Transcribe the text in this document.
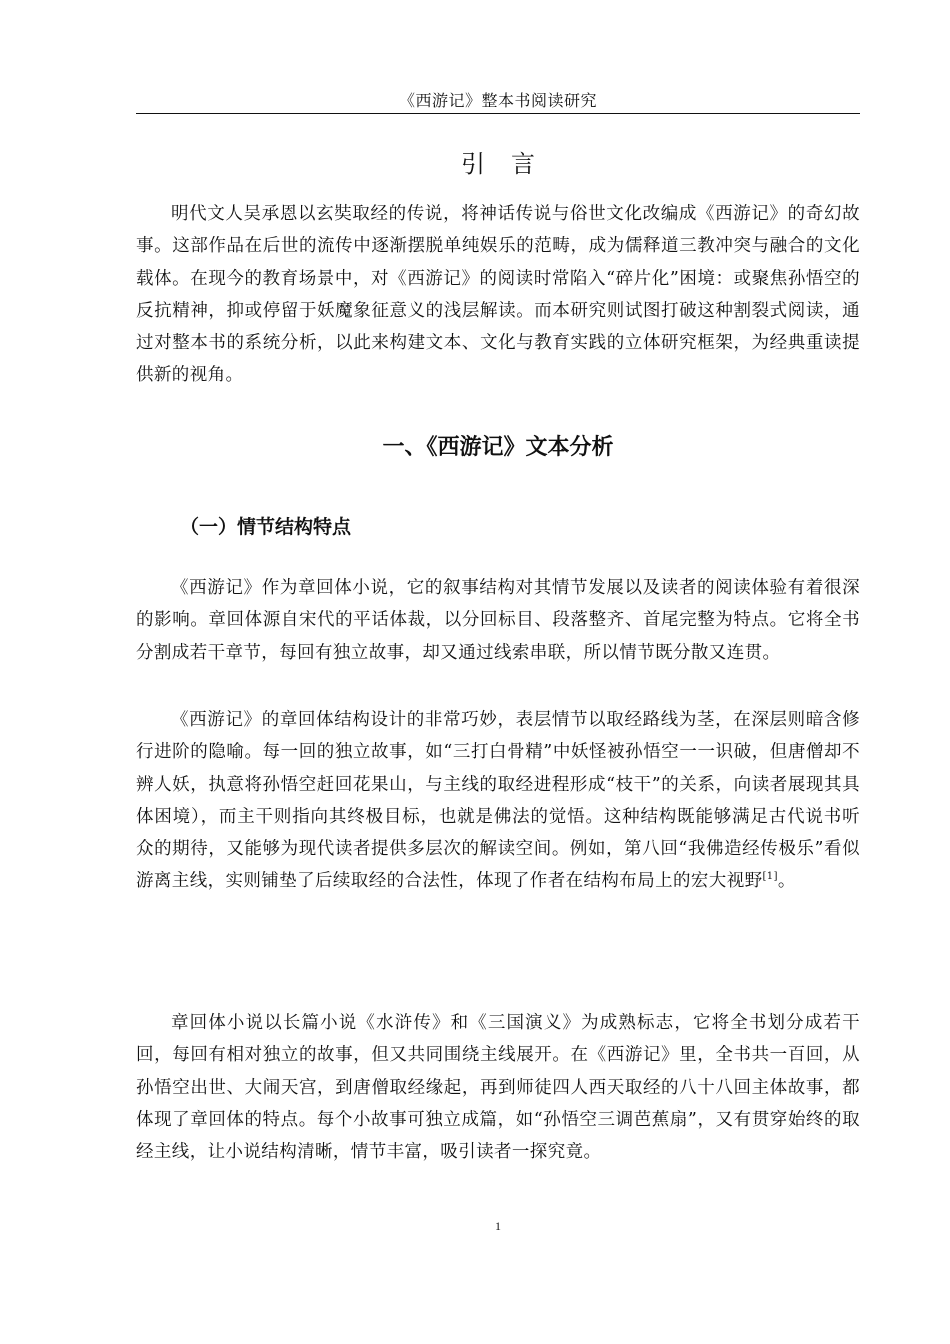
《西游记》整本书阅读研究
引言

明代文人吴承恩以玄奘取经的传说，将神话传说与俗世文化改编成《西游记》的奇幻故事。这部作品在后世的流传中逐渐摆脱单纯娱乐的范畴，成为儒释道三教冲突与融合的文化载体。在现今的教育场景中，对《西游记》的阅读时常陷入“碎片化”困境：或聚焦孙悟空的反抗精神，抑或停留于妖魔象征意义的浅层解读。而本研究则试图打破这种割裂式阅读，通过对整本书的系统分析，以此来构建文本、文化与教育实践的立体研究框架，为经典重读提供新的视角。

一、《西游记》文本分析
（一）情节结构特点

《西游记》作为章回体小说，它的叙事结构对其情节发展以及读者的阅读体验有着很深的影响。章回体源自宋代的平话体裁，以分回标目、段落整齐、首尾完整为特点。它将全书分割成若干章节，每回有独立故事，却又通过线索串联，所以情节既分散又连贯。

《西游记》的章回体结构设计的非常巧妙，表层情节以取经路线为茎，在深层则暗含修行进阶的隐喻。每一回的独立故事，如“三打白骨精”中妖怪被孙悟空一一识破，但唐僧却不辨人妖，执意将孙悟空赶回花果山，与主线的取经进程形成“枝干”的关系，向读者展现其具体困境），而主干则指向其终极目标，也就是佛法的觉悟。这种结构既能够满足古代说书听众的期待，又能够为现代读者提供多层次的解读空间。例如，第八回“我佛造经传极乐”看似游离主线，实则铺垫了后续取经的合法性，体现了作者在结构布局上的宏大视野[1]。

章回体小说以长篇小说《水浒传》和《三国演义》为成熟标志，它将全书划分成若干回，每回有相对独立的故事，但又共同围绕主线展开。在《西游记》里，全书共一百回，从孙悟空出世、大闹天宫，到唐僧取经缘起，再到师徒四人西天取经的八十八回主体故事，都体现了章回体的特点。每个小故事可独立成篇，如“孙悟空三调芭蕉扇”，又有贯穿始终的取经主线，让小说结构清晰，情节丰富，吸引读者一探究竟。

1
